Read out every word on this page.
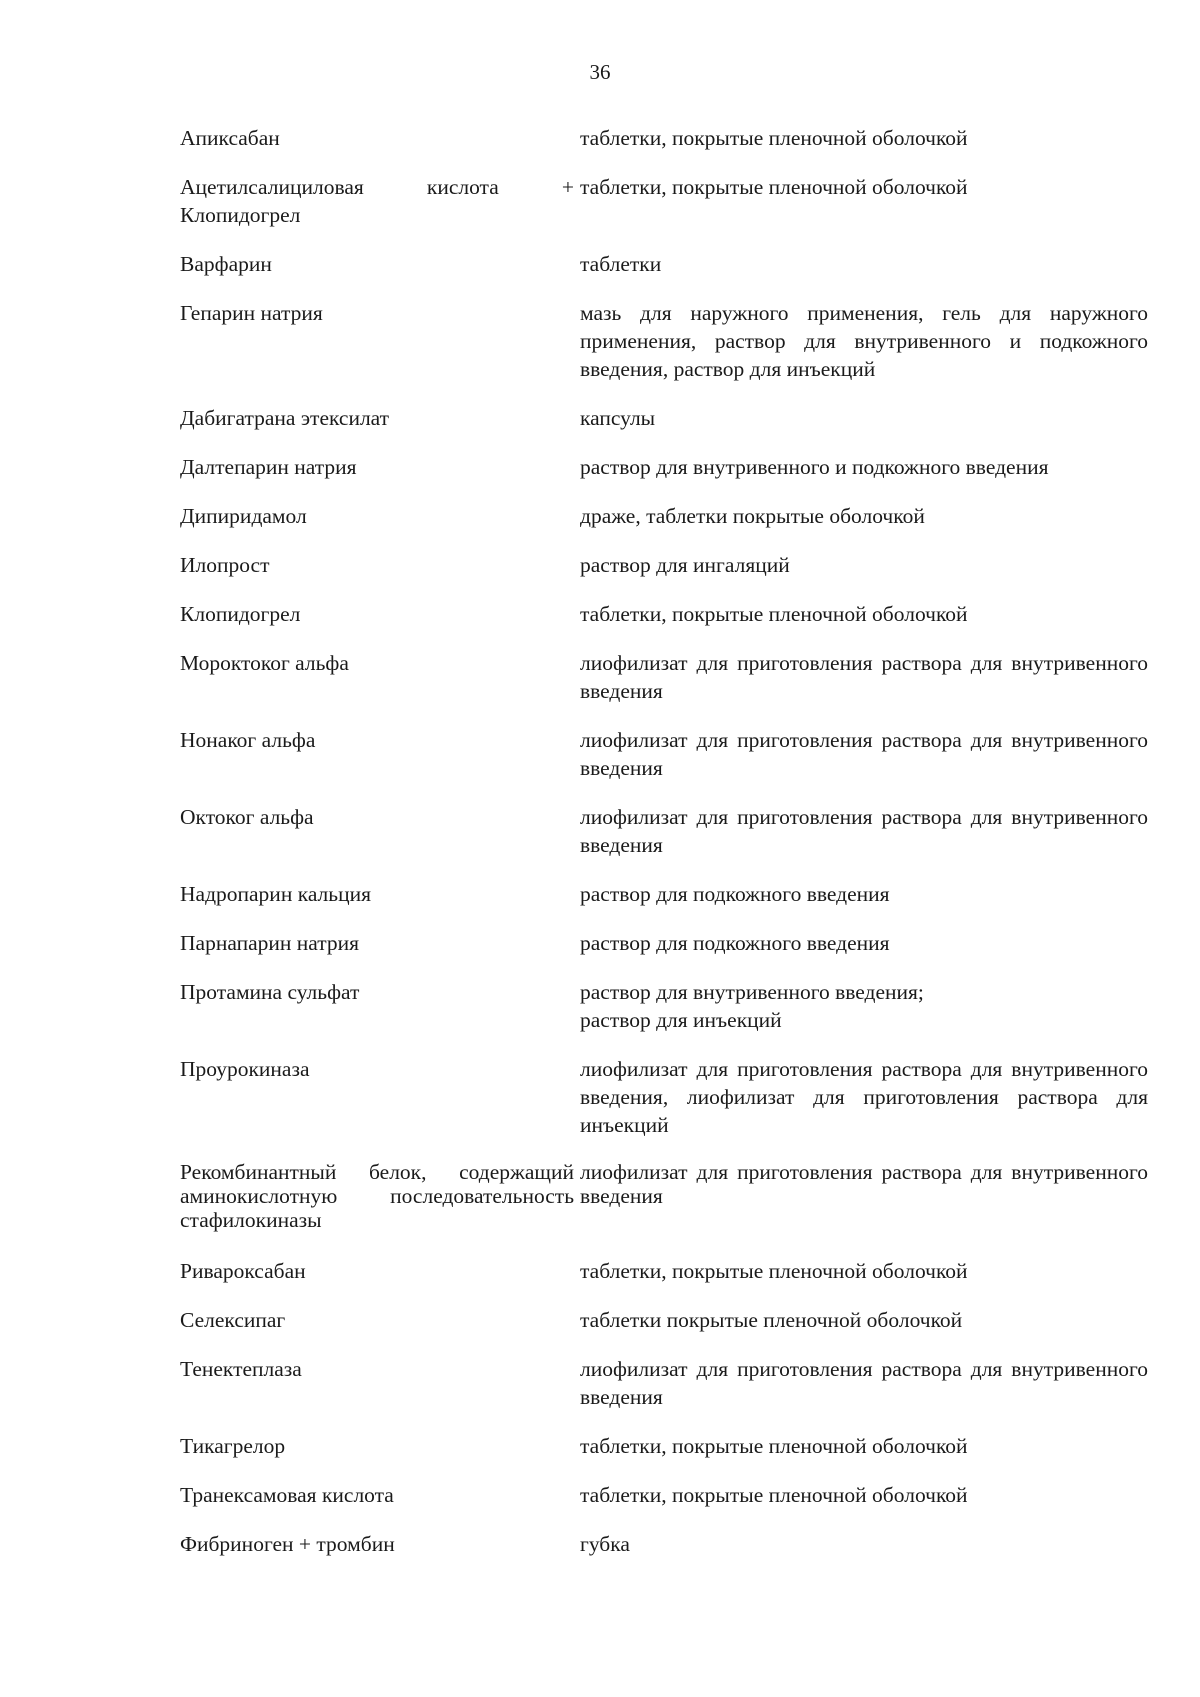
36
Апиксабан	таблетки, покрытые пленочной оболочкой
Ацетилсалициловая кислота + Клопидогрел	таблетки, покрытые пленочной оболочкой
Варфарин	таблетки
Гепарин натрия	мазь для наружного применения, гель для наружного применения, раствор для внутривенного и подкожного введения, раствор для инъекций
Дабигатрана этексилат	капсулы
Далтепарин натрия	раствор для внутривенного и подкожного введения
Дипиридамол	драже, таблетки покрытые оболочкой
Илопрост	раствор для ингаляций
Клопидогрел	таблетки, покрытые пленочной оболочкой
Мороктоког альфа	лиофилизат для приготовления раствора для внутривенного введения
Нонаког альфа	лиофилизат для приготовления раствора для внутривенного введения
Октоког альфа	лиофилизат для приготовления раствора для внутривенного введения
Надропарин кальция	раствор для подкожного введения
Парнапарин натрия	раствор для подкожного введения
Протамина сульфат	раствор для внутривенного введения;
раствор для инъекций
Проурокиназа	лиофилизат для приготовления раствора для внутривенного введения, лиофилизат для приготовления раствора для инъекций
Рекомбинантный белок, содержащий аминокислотную последовательность стафилокиназы	лиофилизат для приготовления раствора для внутривенного введения
Ривароксабан	таблетки, покрытые пленочной оболочкой
Селексипаг	таблетки покрытые пленочной оболочкой
Тенектеплаза	лиофилизат для приготовления раствора для внутривенного введения
Тикагрелор	таблетки, покрытые пленочной оболочкой
Транексамовая кислота	таблетки, покрытые пленочной оболочкой
Фибриноген + тромбин	губка
